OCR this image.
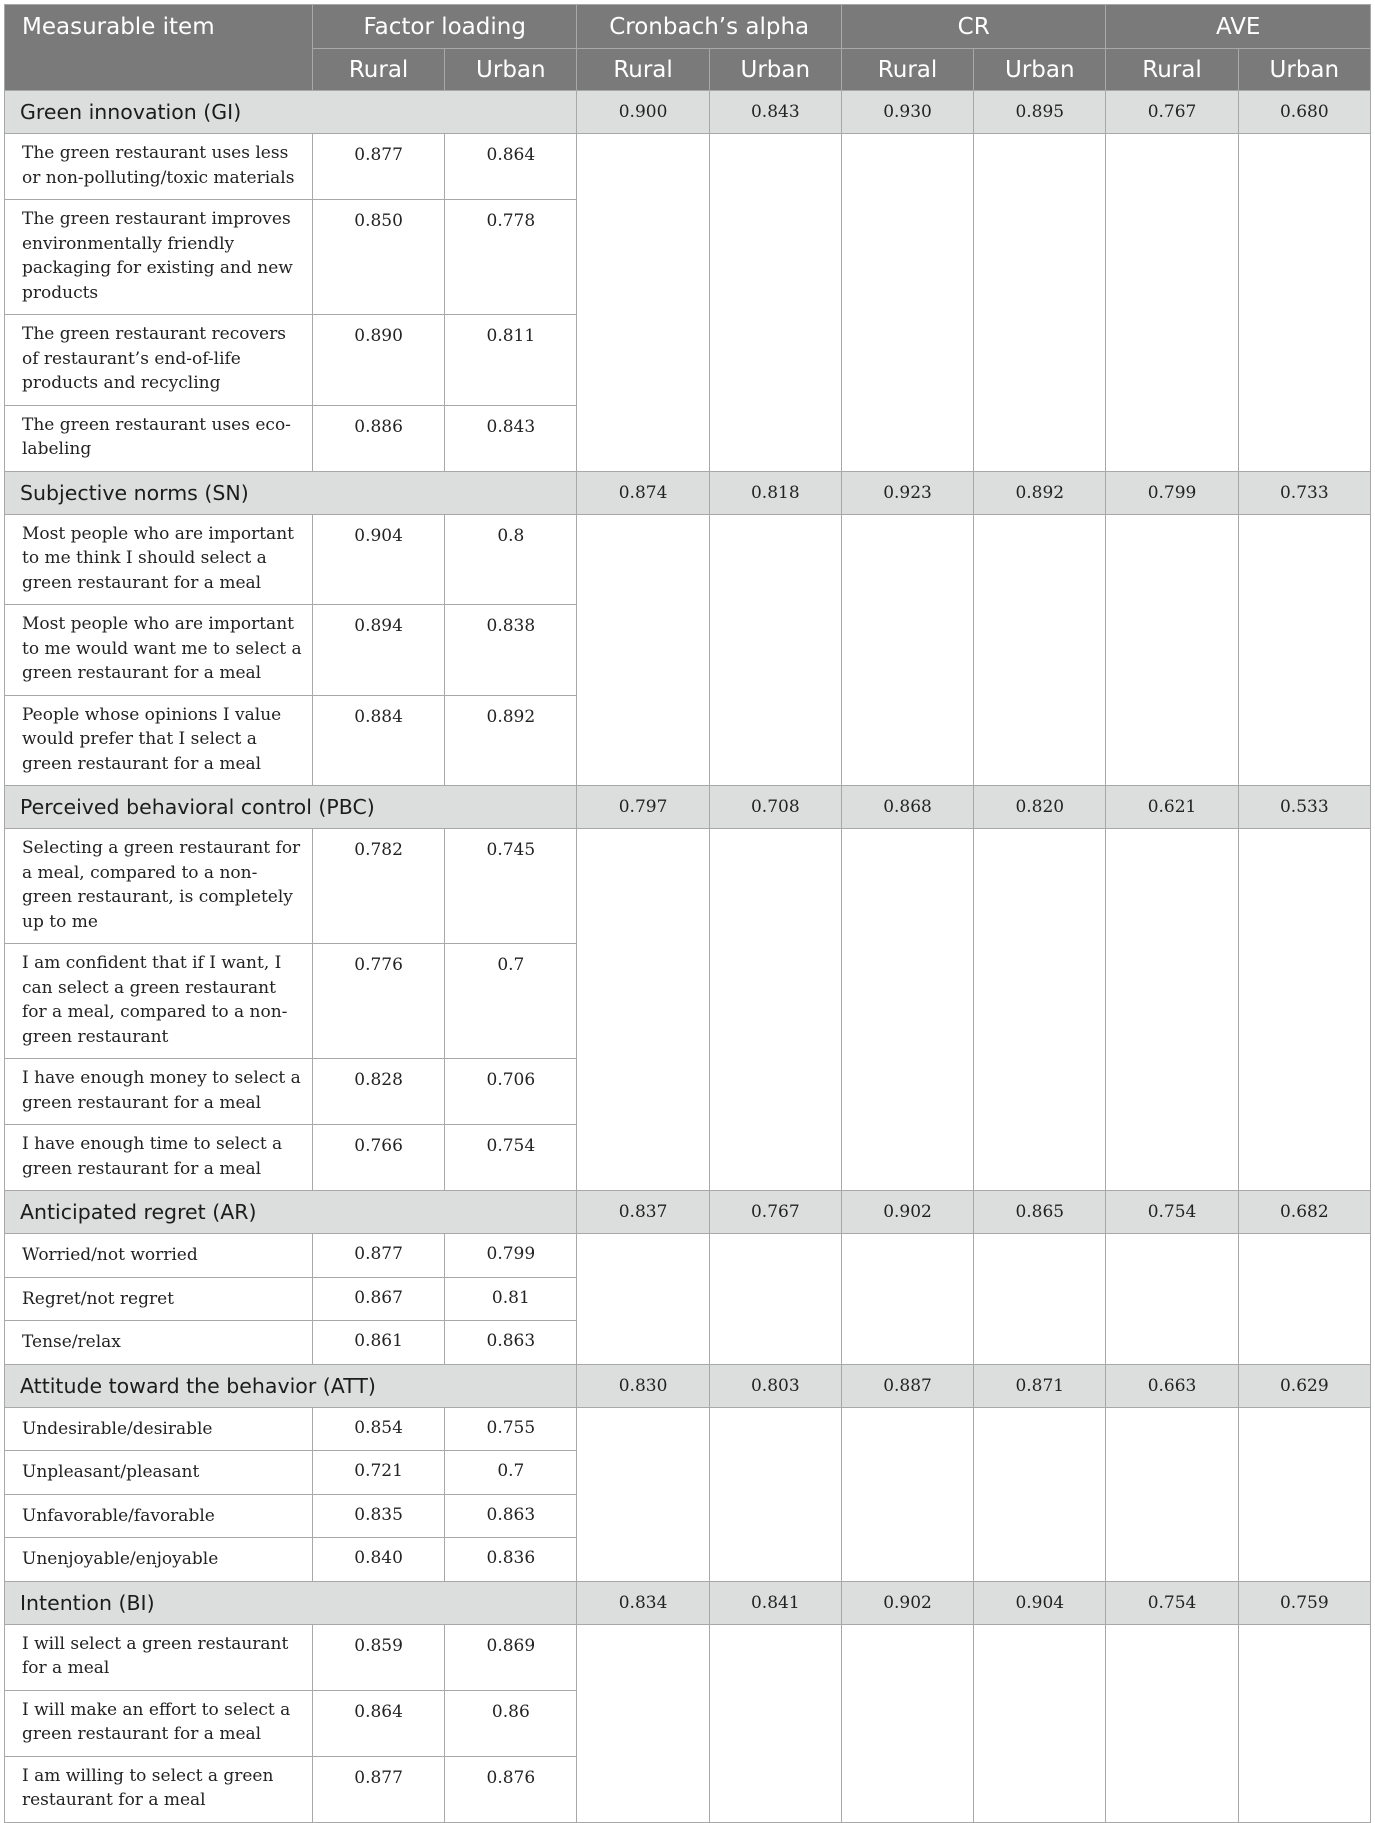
Measurable item	Factor loading		Cronbach’s alpha		CR		AVE	
	Rural	Urban	Rural	Urban	Rural	Urban	Rural	Urban
Green innovation (GI)			0.900	0.843	0.930	0.895	0.767	0.680
The green restaurant uses less or non-polluting/toxic materials	0.877	0.864						
The green restaurant improves environmentally friendly packaging for existing and new products	0.850	0.778						
The green restaurant recovers of restaurant’s end-of-life products and recycling	0.890	0.811						
The green restaurant uses eco-labeling	0.886	0.843						
Subjective norms (SN)			0.874	0.818	0.923	0.892	0.799	0.733
Most people who are important to me think I should select a green restaurant for a meal	0.904	0.8						
Most people who are important to me would want me to select a green restaurant for a meal	0.894	0.838						
People whose opinions I value would prefer that I select a green restaurant for a meal	0.884	0.892						
Perceived behavioral control (PBC)			0.797	0.708	0.868	0.820	0.621	0.533
Selecting a green restaurant for a meal, compared to a non-green restaurant, is completely up to me	0.782	0.745						
I am confident that if I want, I can select a green restaurant for a meal, compared to a non-green restaurant	0.776	0.7						
I have enough money to select a green restaurant for a meal	0.828	0.706						
I have enough time to select a green restaurant for a meal	0.766	0.754						
Anticipated regret (AR)			0.837	0.767	0.902	0.865	0.754	0.682
Worried/not worried	0.877	0.799						
Regret/not regret	0.867	0.81						
Tense/relax	0.861	0.863						
Attitude toward the behavior (ATT)			0.830	0.803	0.887	0.871	0.663	0.629
Undesirable/desirable	0.854	0.755						
Unpleasant/pleasant	0.721	0.7						
Unfavorable/favorable	0.835	0.863						
Unenjoyable/enjoyable	0.840	0.836						
Intention (BI)			0.834	0.841	0.902	0.904	0.754	0.759
I will select a green restaurant for a meal	0.859	0.869						
I will make an effort to select a green restaurant for a meal	0.864	0.86						
I am willing to select a green restaurant for a meal	0.877	0.876						
